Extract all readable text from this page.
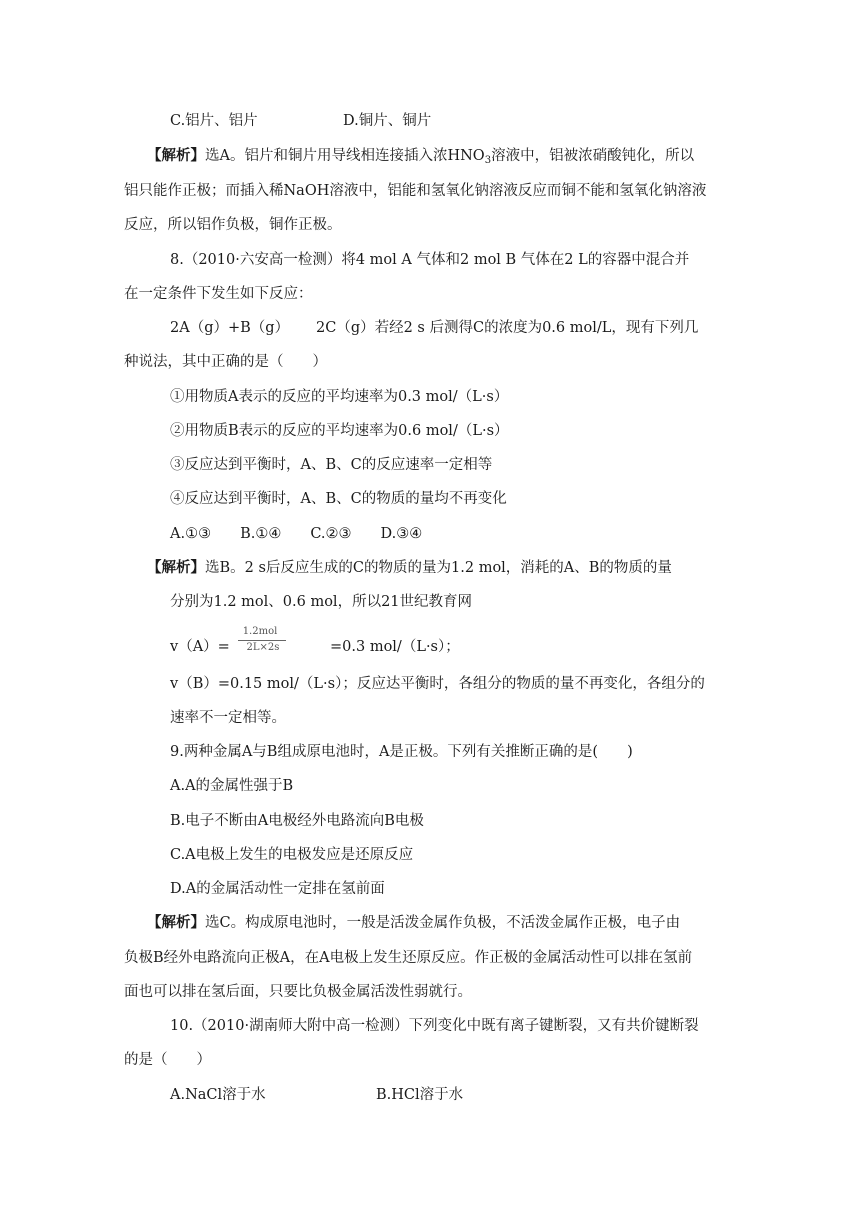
C.铝片、铝片	D.铜片、铜片
【解析】选A。铝片和铜片用导线相连接插入浓$HNO_3$溶液中，铝被浓硝酸钝化，所以
铝只能作正极；而插入稀NaOH溶液中，铝能和氢氧化钠溶液反应而铜不能和氢氧化钠溶液
反应，所以铝作负极，铜作正极。
8.（2010·六安高一检测）将4 mol A 气体和2 mol B 气体在2 L的容器中混合并
在一定条件下发生如下反应：
2A（g）+B（g） 2C（g）若经2 s 后测得C的浓度为0.6 mol/L，现有下列几
种说法，其中正确的是（　　）
①用物质A表示的反应的平均速率为0.3 mol/（L·s）
②用物质B表示的反应的平均速率为0.6 mol/（L·s）
③反应达到平衡时，A、B、C的反应速率一定相等
④反应达到平衡时，A、B、C的物质的量均不再变化
A.①③　　B.①④　　C.②③　　D.③④
【解析】选B。2 s后反应生成的C的物质的量为1.2 mol，消耗的A、B的物质的量
分别为1.2 mol、0.6 mol，所以21世纪教育网
v（A）=
1.2mol
2L×2s	=0.3 mol/（L·s）；
v（B）=0.15 mol/（L·s）；反应达平衡时，各组分的物质的量不再变化，各组分的
速率不一定相等。
9.两种金属A与B组成原电池时，A是正极。下列有关推断正确的是(　　)
A.A的金属性强于B
B.电子不断由A电极经外电路流向B电极
C.A电极上发生的电极发应是还原反应
D.A的金属活动性一定排在氢前面
【解析】选C。构成原电池时，一般是活泼金属作负极，不活泼金属作正极，电子由
负极B经外电路流向正极A，在A电极上发生还原反应。作正极的金属活动性可以排在氢前
面也可以排在氢后面，只要比负极金属活泼性弱就行。
10.（2010·湖南师大附中高一检测）下列变化中既有离子键断裂，又有共价键断裂
的是（　　）
A.NaCl溶于水	B.HCl溶于水
